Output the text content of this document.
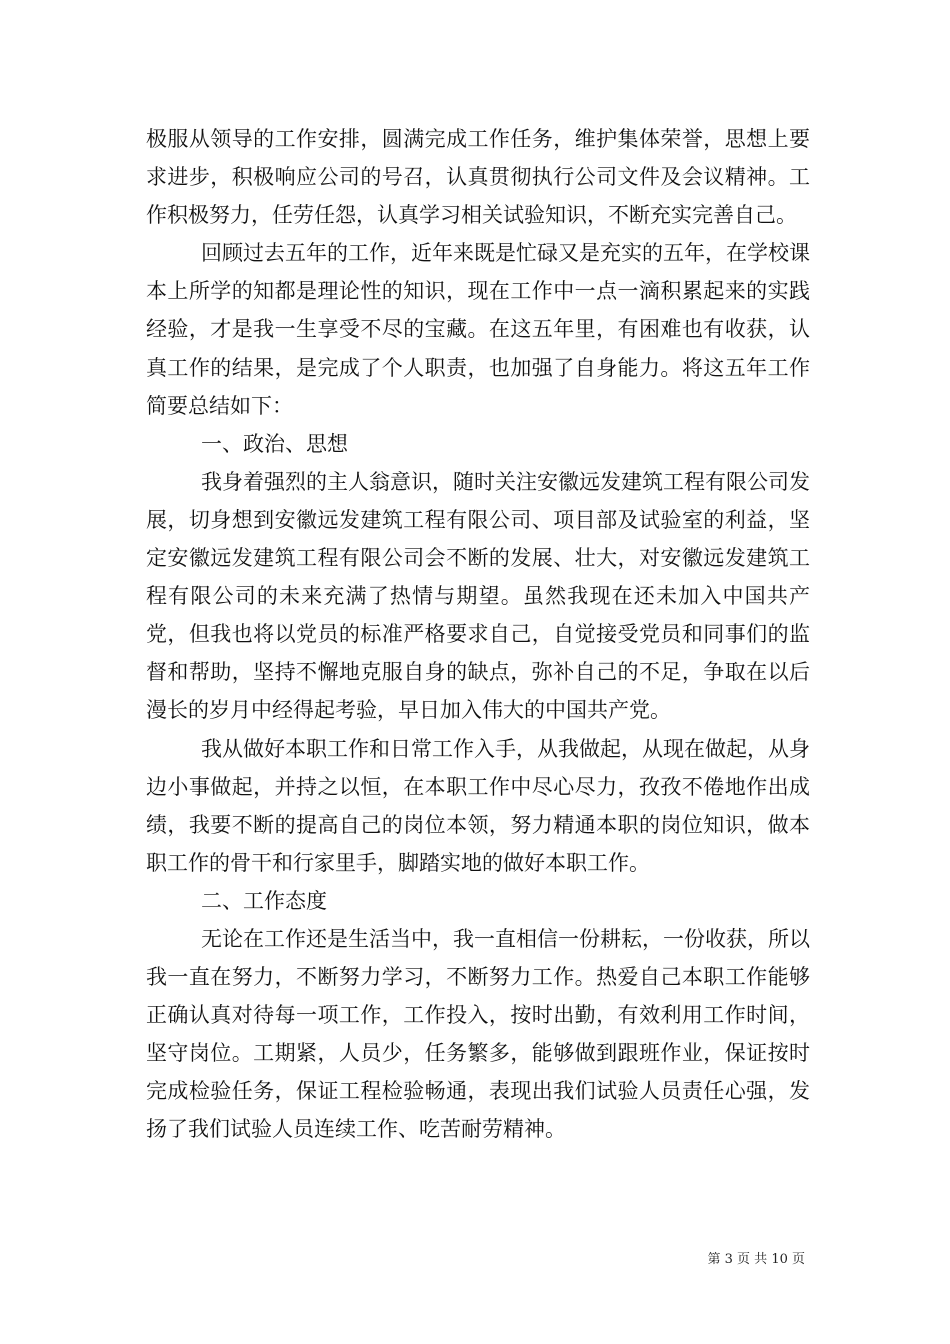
极服从领导的工作安排，圆满完成工作任务，维护集体荣誉，思想上要求进步，积极响应公司的号召，认真贯彻执行公司文件及会议精神。工作积极努力，任劳任怨，认真学习相关试验知识，不断充实完善自己。

回顾过去五年的工作，近年来既是忙碌又是充实的五年，在学校课本上所学的知都是理论性的知识，现在工作中一点一滴积累起来的实践经验，才是我一生享受不尽的宝藏。在这五年里，有困难也有收获，认真工作的结果，是完成了个人职责，也加强了自身能力。将这五年工作简要总结如下：

一、政治、思想

我身着强烈的主人翁意识，随时关注安徽远发建筑工程有限公司发展，切身想到安徽远发建筑工程有限公司、项目部及试验室的利益，坚定安徽远发建筑工程有限公司会不断的发展、壮大，对安徽远发建筑工程有限公司的未来充满了热情与期望。虽然我现在还未加入中国共产党，但我也将以党员的标准严格要求自己，自觉接受党员和同事们的监督和帮助，坚持不懈地克服自身的缺点，弥补自己的不足，争取在以后漫长的岁月中经得起考验，早日加入伟大的中国共产党。

我从做好本职工作和日常工作入手，从我做起，从现在做起，从身边小事做起，并持之以恒，在本职工作中尽心尽力，孜孜不倦地作出成绩，我要不断的提高自己的岗位本领，努力精通本职的岗位知识，做本职工作的骨干和行家里手，脚踏实地的做好本职工作。

二、工作态度

无论在工作还是生活当中，我一直相信一份耕耘，一份收获，所以我一直在努力，不断努力学习，不断努力工作。热爱自己本职工作能够正确认真对待每一项工作，工作投入，按时出勤，有效利用工作时间，坚守岗位。工期紧，人员少，任务繁多，能够做到跟班作业，保证按时完成检验任务，保证工程检验畅通，表现出我们试验人员责任心强，发扬了我们试验人员连续工作、吃苦耐劳精神。

第 3 页 共 10 页
